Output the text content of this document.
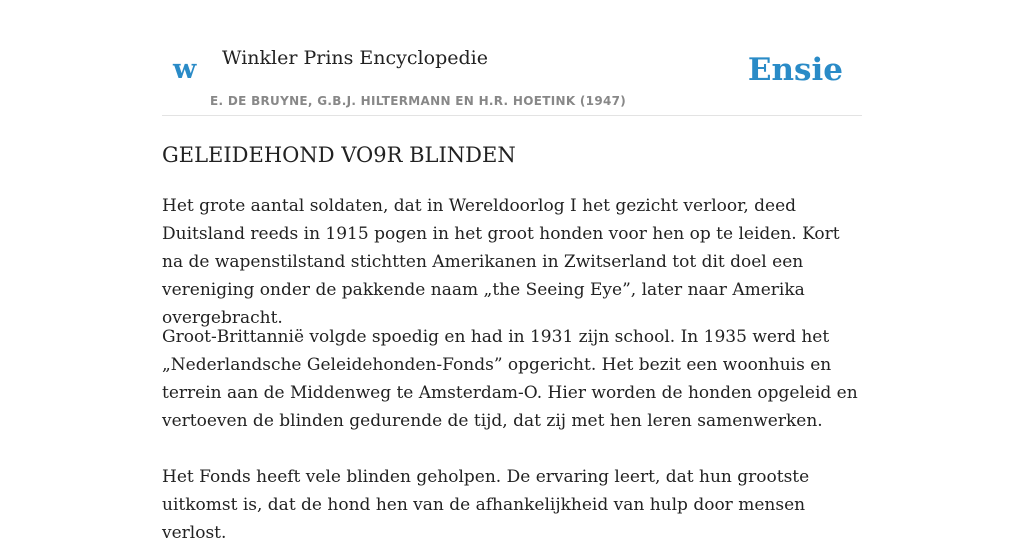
w Winkler Prins Encyclopedie
E. DE BRUYNE, G.B.J. HILTERMANN EN H.R. HOETINK (1947)
Ensie
GELEIDEHOND VO9R BLINDEN

Het grote aantal soldaten, dat in Wereldoorlog I het gezicht verloor, deed Duitsland reeds in 1915 pogen in het groot honden voor hen op te leiden. Kort na de wapenstilstand stichtten Amerikanen in Zwitserland tot dit doel een vereniging onder de pakkende naam „the Seeing Eye”, later naar Amerika overgebracht.

Groot-Brittannië volgde spoedig en had in 1931 zijn school. In 1935 werd het „Nederlandsche Geleidehonden-Fonds” opgericht. Het bezit een woonhuis en terrein aan de Middenweg te Amsterdam-O. Hier worden de honden opgeleid en vertoeven de blinden gedurende de tijd, dat zij met hen leren samenwerken.

Het Fonds heeft vele blinden geholpen. De ervaring leert, dat hun grootste uitkomst is, dat de hond hen van de afhankelijkheid van hulp door mensen verlost.
